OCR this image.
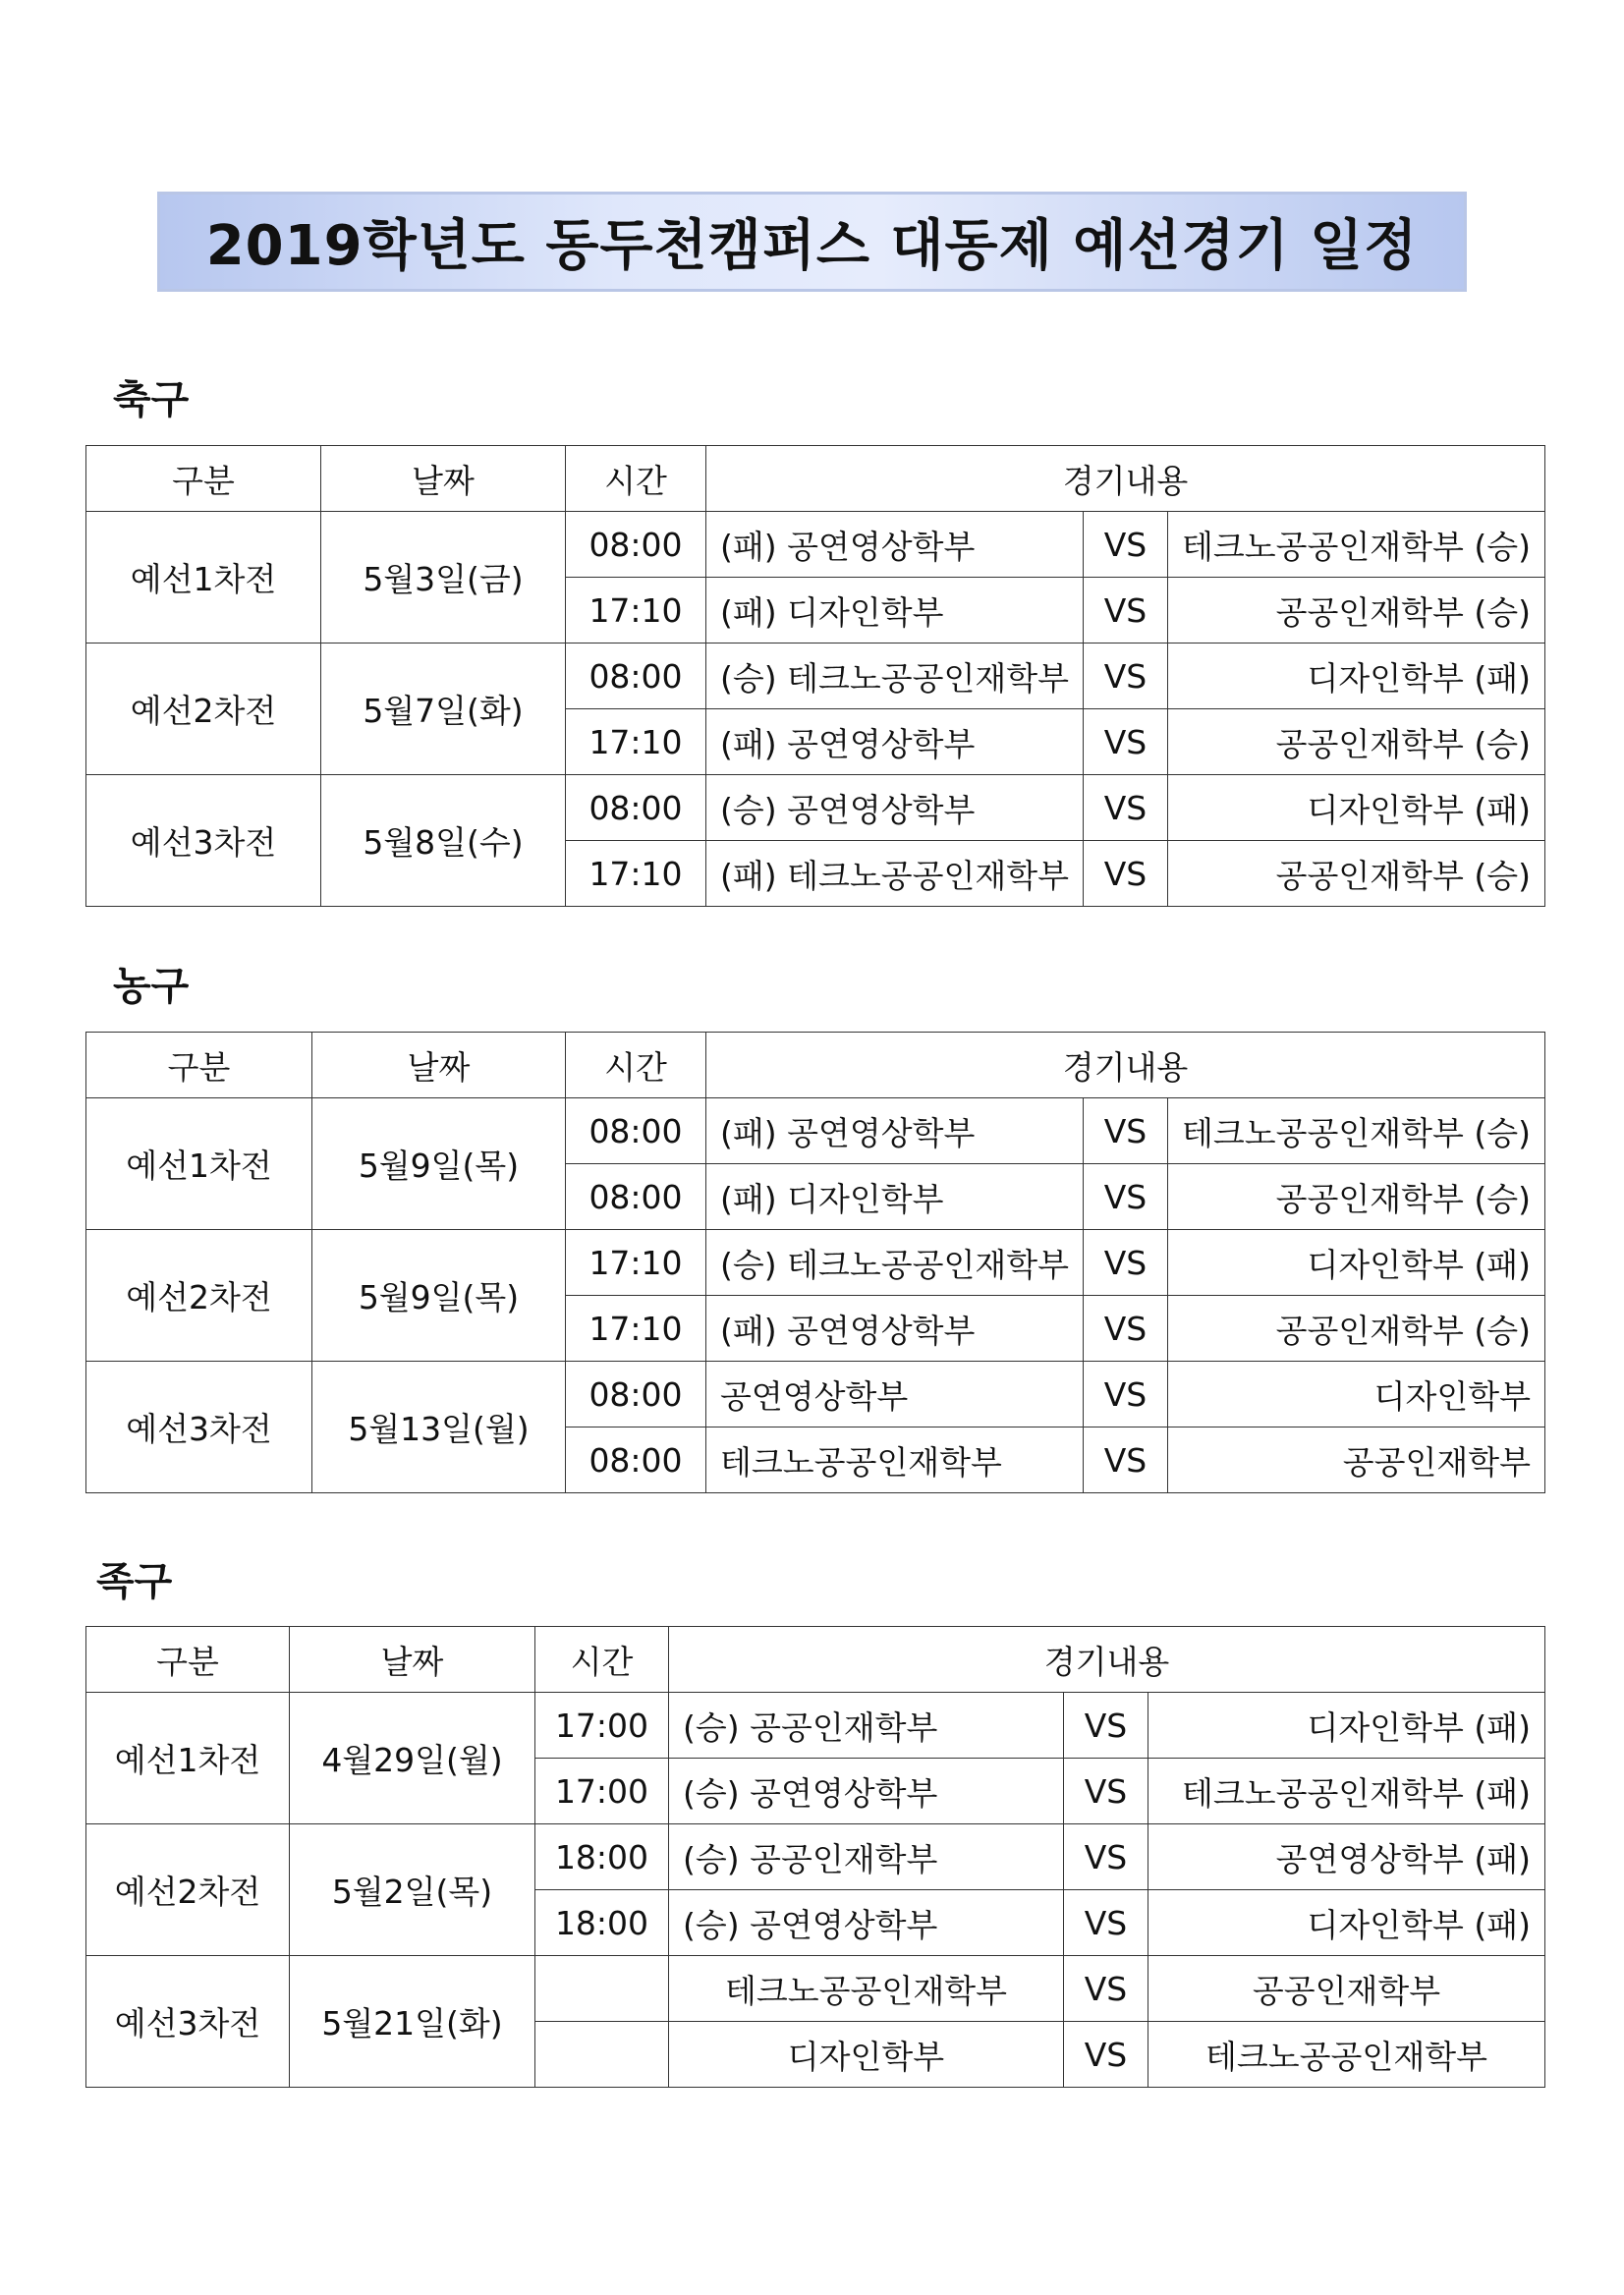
2019학년도 동두천캠퍼스 대동제 예선경기 일정
축구
구분	날짜	시간	경기내용		
예선1차전	5월3일(금)	08:00	(패) 공연영상학부	VS	테크노공공인재학부 (승)
		17:10	(패) 디자인학부	VS	공공인재학부 (승)
예선2차전	5월7일(화)	08:00	(승) 테크노공공인재학부	VS	디자인학부 (패)
		17:10	(패) 공연영상학부	VS	공공인재학부 (승)
예선3차전	5월8일(수)	08:00	(승) 공연영상학부	VS	디자인학부 (패)
		17:10	(패) 테크노공공인재학부	VS	공공인재학부 (승)
농구
구분	날짜	시간	경기내용		
예선1차전	5월9일(목)	08:00	(패) 공연영상학부	VS	테크노공공인재학부 (승)
		08:00	(패) 디자인학부	VS	공공인재학부 (승)
예선2차전	5월9일(목)	17:10	(승) 테크노공공인재학부	VS	디자인학부 (패)
		17:10	(패) 공연영상학부	VS	공공인재학부 (승)
예선3차전	5월13일(월)	08:00	공연영상학부	VS	디자인학부
		08:00	테크노공공인재학부	VS	공공인재학부
족구
구분	날짜	시간	경기내용		
예선1차전	4월29일(월)	17:00	(승) 공공인재학부	VS	디자인학부 (패)
		17:00	(승) 공연영상학부	VS	테크노공공인재학부 (패)
예선2차전	5월2일(목)	18:00	(승) 공공인재학부	VS	공연영상학부 (패)
		18:00	(승) 공연영상학부	VS	디자인학부 (패)
예선3차전	5월21일(화)		테크노공공인재학부	VS	공공인재학부
			디자인학부	VS	테크노공공인재학부
